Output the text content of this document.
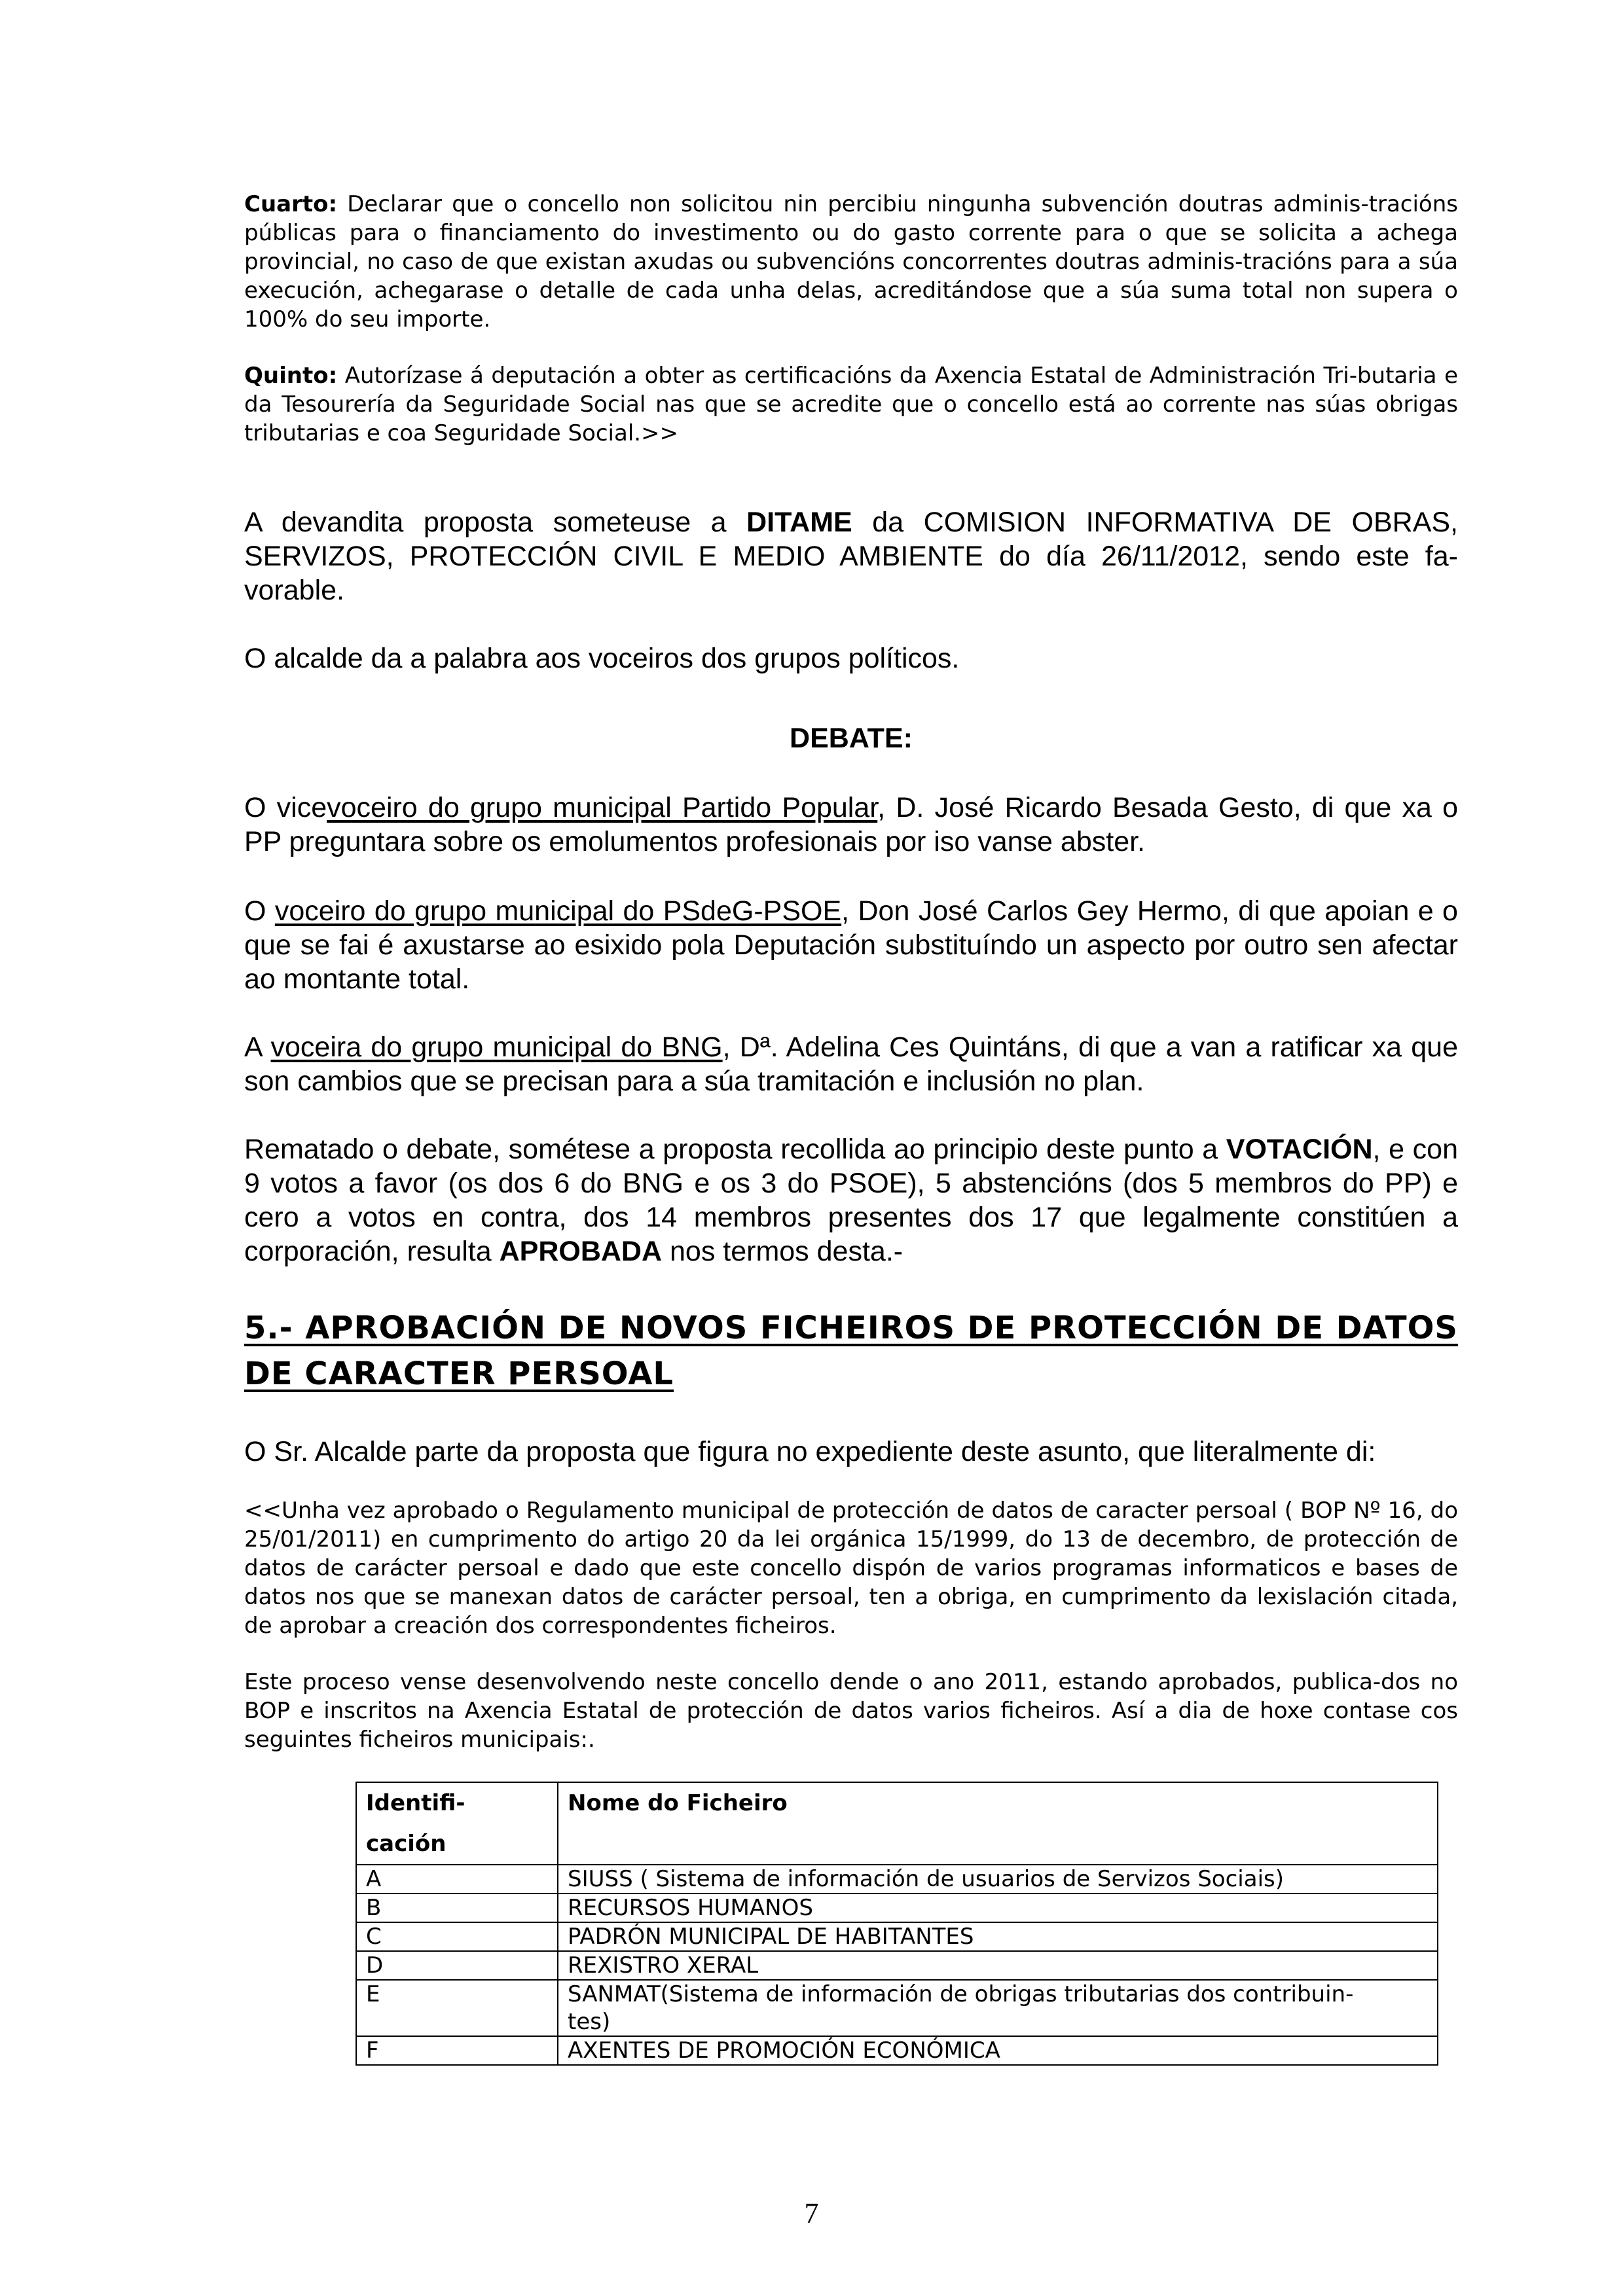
Cuarto: Declarar que o concello non solicitou nin percibiu ningunha subvención doutras adminis-tracións públicas para o financiamento do investimento ou do gasto corrente para o que se solicita a achega provincial, no caso de que existan axudas ou subvencións concorrentes doutras adminis-tracións para a súa execución, achegarase o detalle de cada unha delas, acreditándose que a súa suma total non supera o 100% do seu importe.

Quinto: Autorízase á deputación a obter as certificacións da Axencia Estatal de Administración Tri-butaria e da Tesourería da Seguridade Social nas que se acredite que o concello está ao corrente nas súas obrigas tributarias e coa Seguridade Social.>>

A devandita proposta someteuse a DITAME da COMISION INFORMATIVA DE OBRAS, SERVIZOS, PROTECCIÓN CIVIL E MEDIO AMBIENTE do día 26/11/2012, sendo este fa-vorable.

O alcalde da a palabra aos voceiros dos grupos políticos.

DEBATE:

O vicevoceiro do grupo municipal Partido Popular, D. José Ricardo Besada Gesto, di que xa o PP preguntara sobre os emolumentos profesionais por iso vanse abster.

O voceiro do grupo municipal do PSdeG-PSOE, Don José Carlos Gey Hermo, di que apoian e o que se fai é axustarse ao esixido pola Deputación substituíndo un aspecto por outro sen afectar ao montante total.

A voceira do grupo municipal do BNG, Dª. Adelina Ces Quintáns, di que a van a ratificar xa que son cambios que se precisan para a súa tramitación e inclusión no plan.

Rematado o debate, sométese a proposta recollida ao principio deste punto a VOTACIÓN, e con 9 votos a favor (os dos 6 do BNG e os 3 do PSOE), 5 abstencións (dos 5 membros do PP) e cero a votos en contra, dos 14 membros presentes dos 17 que legalmente constitúen a corporación, resulta APROBADA nos termos desta.-

5.- APROBACIÓN DE NOVOS FICHEIROS DE PROTECCIÓN DE DATOS DE CARACTER PERSOAL

O Sr. Alcalde parte da proposta que figura no expediente deste asunto, que literalmente di:

<<Unha vez aprobado o Regulamento municipal de protección de datos de caracter persoal ( BOP Nº 16, do 25/01/2011) en cumprimento do artigo 20 da lei orgánica 15/1999, do 13 de decembro, de protección de datos de carácter persoal e dado que este concello dispón de varios programas informaticos e bases de datos nos que se manexan datos de carácter persoal, ten a obriga, en cumprimento da lexislación citada, de aprobar a creación dos correspondentes ficheiros.

Este proceso vense desenvolvendo neste concello dende o ano 2011, estando aprobados, publica-dos no BOP e inscritos na Axencia Estatal de protección de datos varios ficheiros. Así a dia de hoxe contase cos seguintes ficheiros municipais:.

Identifi-
cación	Nome do Ficheiro
A	SIUSS ( Sistema de información de usuarios de Servizos Sociais)
B	RECURSOS HUMANOS
C	PADRÓN MUNICIPAL DE HABITANTES
D	REXISTRO XERAL
E	SANMAT(Sistema de información de obrigas tributarias dos contribuin-
tes)
F	AXENTES DE PROMOCIÓN ECONÓMICA
7
